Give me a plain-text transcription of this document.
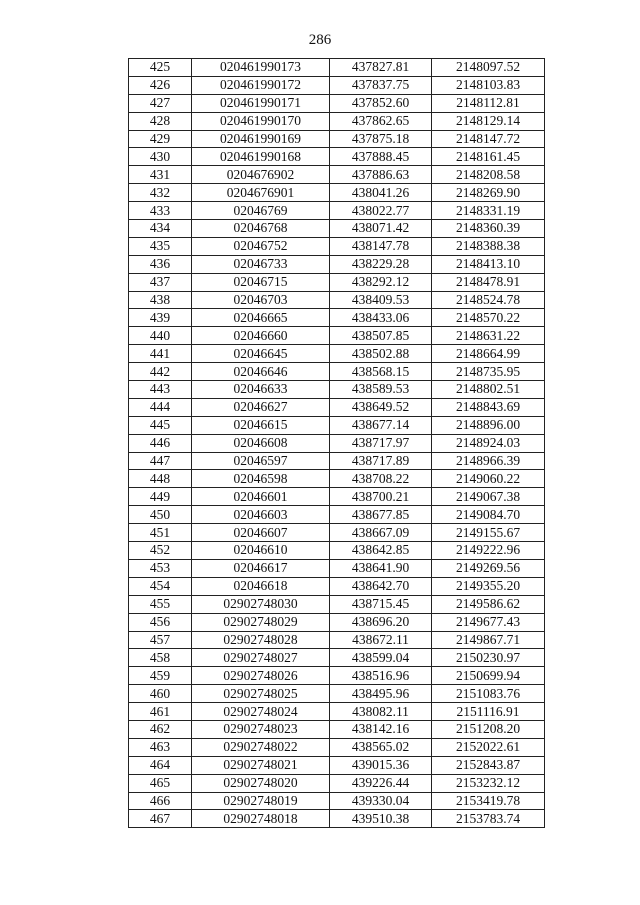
286
425	020461990173	437827.81	2148097.52
426	020461990172	437837.75	2148103.83
427	020461990171	437852.60	2148112.81
428	020461990170	437862.65	2148129.14
429	020461990169	437875.18	2148147.72
430	020461990168	437888.45	2148161.45
431	0204676902	437886.63	2148208.58
432	0204676901	438041.26	2148269.90
433	02046769	438022.77	2148331.19
434	02046768	438071.42	2148360.39
435	02046752	438147.78	2148388.38
436	02046733	438229.28	2148413.10
437	02046715	438292.12	2148478.91
438	02046703	438409.53	2148524.78
439	02046665	438433.06	2148570.22
440	02046660	438507.85	2148631.22
441	02046645	438502.88	2148664.99
442	02046646	438568.15	2148735.95
443	02046633	438589.53	2148802.51
444	02046627	438649.52	2148843.69
445	02046615	438677.14	2148896.00
446	02046608	438717.97	2148924.03
447	02046597	438717.89	2148966.39
448	02046598	438708.22	2149060.22
449	02046601	438700.21	2149067.38
450	02046603	438677.85	2149084.70
451	02046607	438667.09	2149155.67
452	02046610	438642.85	2149222.96
453	02046617	438641.90	2149269.56
454	02046618	438642.70	2149355.20
455	02902748030	438715.45	2149586.62
456	02902748029	438696.20	2149677.43
457	02902748028	438672.11	2149867.71
458	02902748027	438599.04	2150230.97
459	02902748026	438516.96	2150699.94
460	02902748025	438495.96	2151083.76
461	02902748024	438082.11	2151116.91
462	02902748023	438142.16	2151208.20
463	02902748022	438565.02	2152022.61
464	02902748021	439015.36	2152843.87
465	02902748020	439226.44	2153232.12
466	02902748019	439330.04	2153419.78
467	02902748018	439510.38	2153783.74
